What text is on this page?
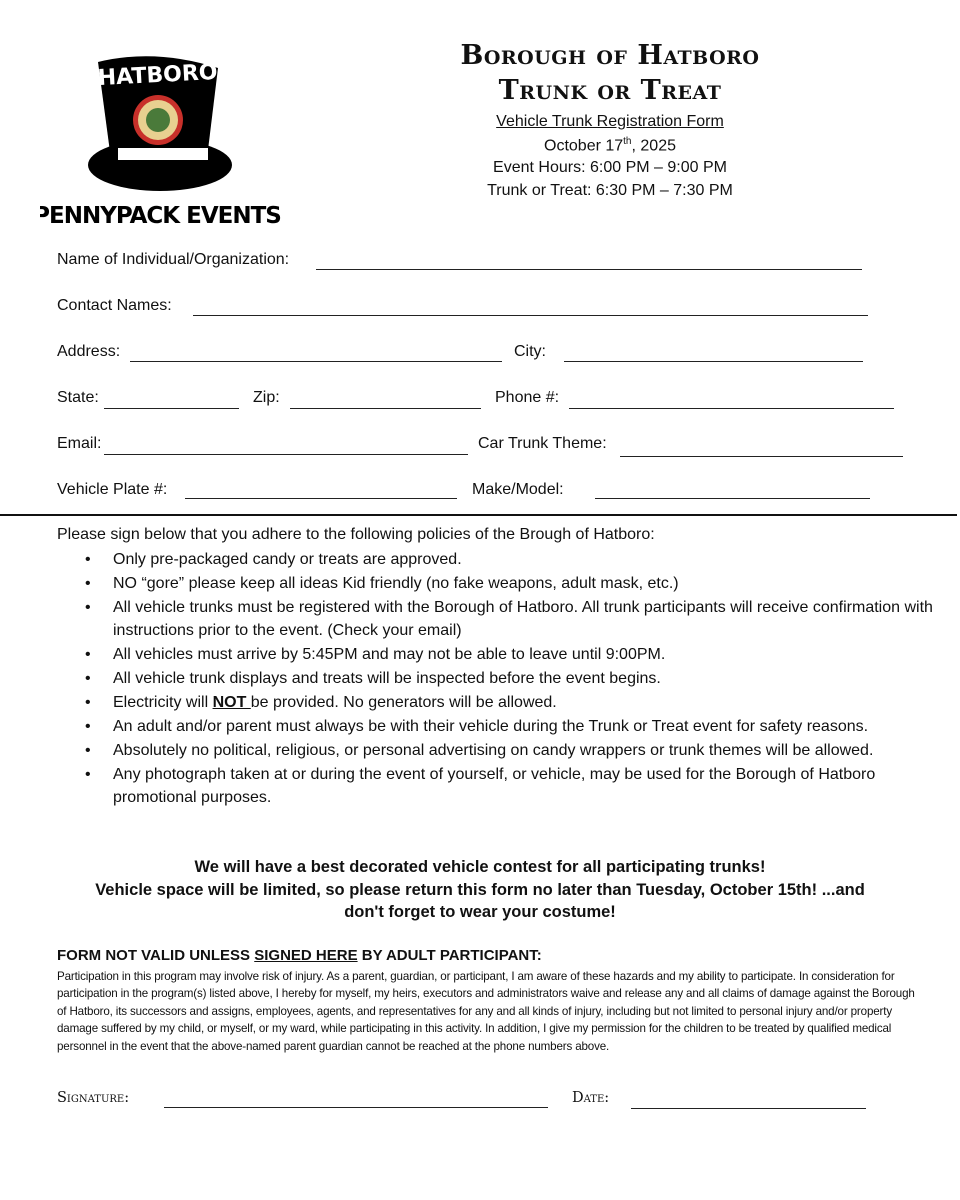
HATBORO
PENNYPACK EVENTS
Borough of Hatboro
Trunk or Treat
Vehicle Trunk Registration Form
October 17th, 2025
Event Hours: 6:00 PM – 9:00 PM
Trunk or Treat: 6:30 PM – 7:30 PM
Name of Individual/Organization:
Contact Names:
Address:	City:
State:	Zip:	Phone #:
Email:	Car Trunk Theme:
Vehicle Plate #:	Make/Model:
Please sign below that you adhere to the following policies of the Brough of Hatboro:
• Only pre-packaged candy or treats are approved.
• NO “gore” please keep all ideas Kid friendly (no fake weapons, adult mask, etc.)
• All vehicle trunks must be registered with the Borough of Hatboro. All trunk participants will receive confirmation with instructions prior to the event. (Check your email)
• All vehicles must arrive by 5:45PM and may not be able to leave until 9:00PM.
• All vehicle trunk displays and treats will be inspected before the event begins.
• Electricity will NOT be provided. No generators will be allowed.
• An adult and/or parent must always be with their vehicle during the Trunk or Treat event for safety reasons.
• Absolutely no political, religious, or personal advertising on candy wrappers or trunk themes will be allowed.
• Any photograph taken at or during the event of yourself, or vehicle, may be used for the Borough of Hatboro promotional purposes.
We will have a best decorated vehicle contest for all participating trunks!
Vehicle space will be limited, so please return this form no later than Tuesday, October 15th! ...and don't forget to wear your costume!
FORM NOT VALID UNLESS SIGNED HERE BY ADULT PARTICIPANT:
Participation in this program may involve risk of injury. As a parent, guardian, or participant, I am aware of these hazards and my ability to participate. In consideration for participation in the program(s) listed above, I hereby for myself, my heirs, executors and administrators waive and release any and all claims of damage against the Borough of Hatboro, its successors and assigns, employees, agents, and representatives for any and all kinds of injury, including but not limited to personal injury and/or property damage suffered by my child, or myself, or my ward, while participating in this activity. In addition, I give my permission for the children to be treated by qualified medical personnel in the event that the above-named parent guardian cannot be reached at the phone numbers above.
Signature:	Date:
